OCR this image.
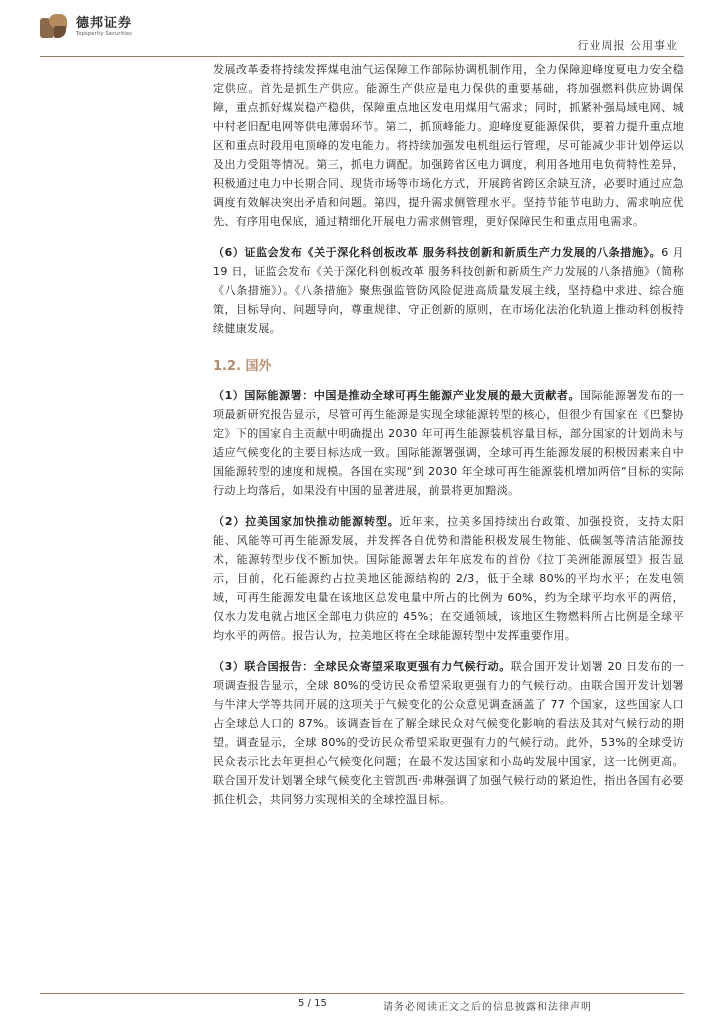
德邦证券
Topsperity Securities
行业周报 公用事业

发展改革委将持续发挥煤电油气运保障工作部际协调机制作用，全力保障迎峰度夏电力安全稳定供应。首先是抓生产供应。能源生产供应是电力保供的重要基础，将加强燃料供应协调保障，重点抓好煤炭稳产稳供，保障重点地区发电用煤用气需求；同时，抓紧补强局域电网、城中村老旧配电网等供电薄弱环节。第二，抓顶峰能力。迎峰度夏能源保供，要着力提升重点地区和重点时段用电顶峰的发电能力。将持续加强发电机组运行管理，尽可能减少非计划停运以及出力受阻等情况。第三，抓电力调配。加强跨省区电力调度，利用各地用电负荷特性差异，积极通过电力中长期合同、现货市场等市场化方式，开展跨省跨区余缺互济，必要时通过应急调度有效解决突出矛盾和问题。第四，提升需求侧管理水平。坚持节能节电助力、需求响应优先、有序用电保底，通过精细化开展电力需求侧管理，更好保障民生和重点用电需求。

（6）证监会发布《关于深化科创板改革 服务科技创新和新质生产力发展的八条措施》。6 月 19 日，证监会发布《关于深化科创板改革 服务科技创新和新质生产力发展的八条措施》（简称《八条措施》）。《八条措施》聚焦强监管防风险促进高质量发展主线，坚持稳中求进、综合施策，目标导向、问题导向，尊重规律、守正创新的原则，在市场化法治化轨道上推动科创板持续健康发展。

1.2. 国外

（1）国际能源署：中国是推动全球可再生能源产业发展的最大贡献者。国际能源署发布的一项最新研究报告显示，尽管可再生能源是实现全球能源转型的核心，但很少有国家在《巴黎协定》下的国家自主贡献中明确提出 2030 年可再生能源装机容量目标，部分国家的计划尚未与适应气候变化的主要目标达成一致。国际能源署强调，全球可再生能源发展的积极因素来自中国能源转型的速度和规模。各国在实现“到 2030 年全球可再生能源装机增加两倍”目标的实际行动上均落后，如果没有中国的显著进展，前景将更加黯淡。

（2）拉美国家加快推动能源转型。近年来，拉美多国持续出台政策、加强投资，支持太阳能、风能等可再生能源发展，并发挥各自优势和潜能积极发展生物能、低碳氢等清洁能源技术，能源转型步伐不断加快。国际能源署去年年底发布的首份《拉丁美洲能源展望》报告显示，目前，化石能源约占拉美地区能源结构的 2/3，低于全球 80%的平均水平；在发电领域，可再生能源发电量在该地区总发电量中所占的比例为 60%，约为全球平均水平的两倍，仅水力发电就占地区全部电力供应的 45%；在交通领域，该地区生物燃料所占比例是全球平均水平的两倍。报告认为，拉美地区将在全球能源转型中发挥重要作用。

（3）联合国报告：全球民众寄望采取更强有力气候行动。联合国开发计划署 20 日发布的一项调查报告显示，全球 80%的受访民众希望采取更强有力的气候行动。由联合国开发计划署与牛津大学等共同开展的这项关于气候变化的公众意见调查涵盖了 77 个国家，这些国家人口占全球总人口的 87%。该调查旨在了解全球民众对气候变化影响的看法及其对气候行动的期望。调查显示，全球 80%的受访民众希望采取更强有力的气候行动。此外，53%的全球受访民众表示比去年更担心气候变化问题；在最不发达国家和小岛屿发展中国家，这一比例更高。联合国开发计划署全球气候变化主管凯西·弗琳强调了加强气候行动的紧迫性，指出各国有必要抓住机会，共同努力实现相关的全球控温目标。

5 / 15	请务必阅读正文之后的信息披露和法律声明
